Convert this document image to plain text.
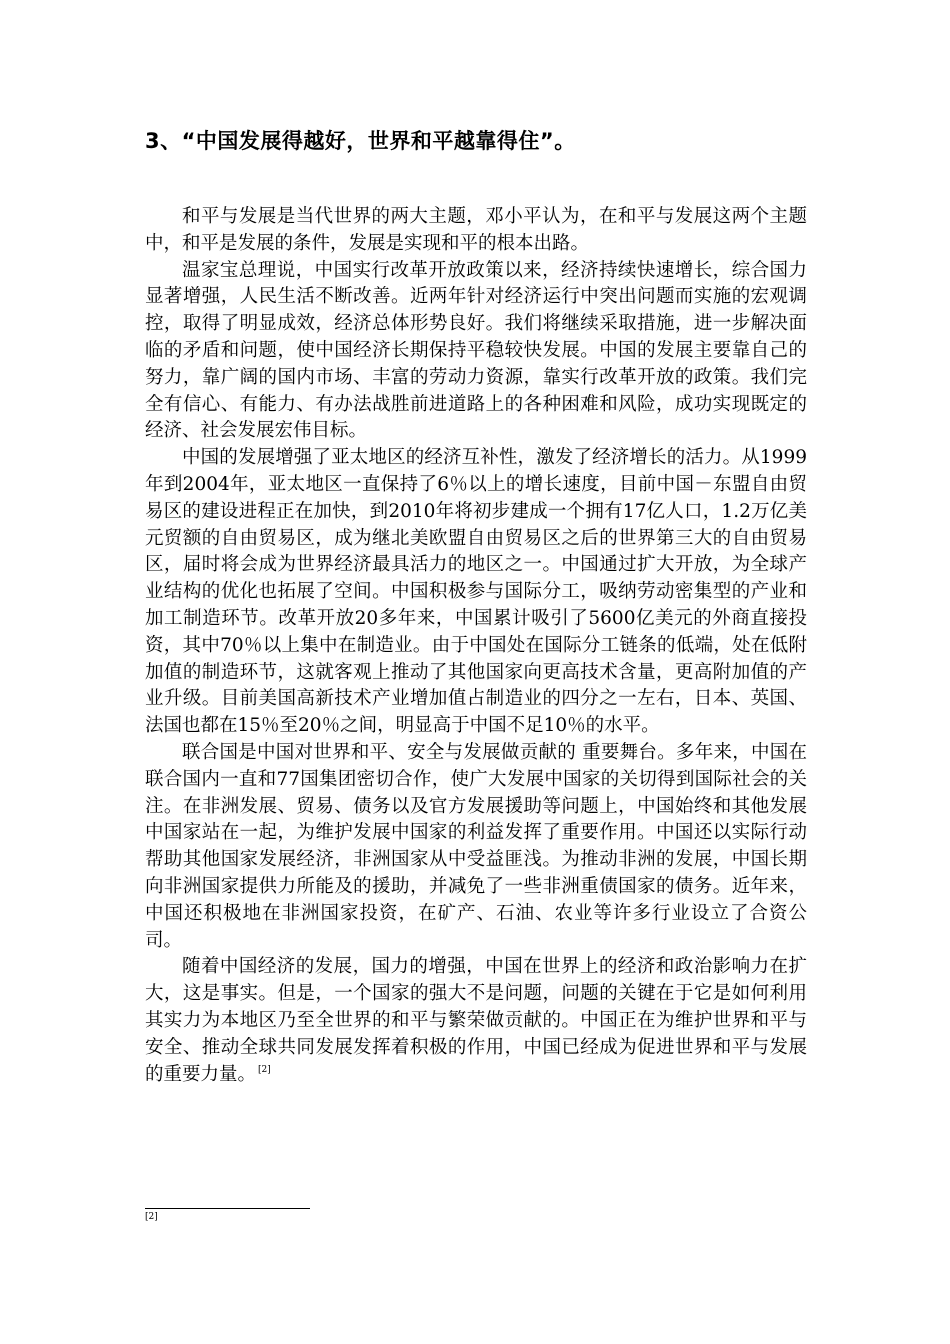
3、“中国发展得越好，世界和平越靠得住”。

和平与发展是当代世界的两大主题，邓小平认为，在和平与发展这两个主题中，和平是发展的条件，发展是实现和平的根本出路。

温家宝总理说，中国实行改革开放政策以来，经济持续快速增长，综合国力显著增强，人民生活不断改善。近两年针对经济运行中突出问题而实施的宏观调控，取得了明显成效，经济总体形势良好。我们将继续采取措施，进一步解决面临的矛盾和问题，使中国经济长期保持平稳较快发展。中国的发展主要靠自己的努力，靠广阔的国内市场、丰富的劳动力资源，靠实行改革开放的政策。我们完全有信心、有能力、有办法战胜前进道路上的各种困难和风险，成功实现既定的经济、社会发展宏伟目标。

中国的发展增强了亚太地区的经济互补性，激发了经济增长的活力。从1999年到2004年，亚太地区一直保持了6％以上的增长速度，目前中国－东盟自由贸易区的建设进程正在加快，到2010年将初步建成一个拥有17亿人口，1.2万亿美元贸额的自由贸易区，成为继北美欧盟自由贸易区之后的世界第三大的自由贸易区，届时将会成为世界经济最具活力的地区之一。中国通过扩大开放，为全球产业结构的优化也拓展了空间。中国积极参与国际分工，吸纳劳动密集型的产业和加工制造环节。改革开放20多年来，中国累计吸引了5600亿美元的外商直接投资，其中70％以上集中在制造业。由于中国处在国际分工链条的低端，处在低附加值的制造环节，这就客观上推动了其他国家向更高技术含量，更高附加值的产业升级。目前美国高新技术产业增加值占制造业的四分之一左右，日本、英国、法国也都在15％至20％之间，明显高于中国不足10％的水平。

联合国是中国对世界和平、安全与发展做贡献的 重要舞台。多年来，中国在联合国内一直和77国集团密切合作，使广大发展中国家的关切得到国际社会的关注。在非洲发展、贸易、债务以及官方发展援助等问题上，中国始终和其他发展中国家站在一起，为维护发展中国家的利益发挥了重要作用。中国还以实际行动帮助其他国家发展经济，非洲国家从中受益匪浅。为推动非洲的发展，中国长期向非洲国家提供力所能及的援助，并减免了一些非洲重债国家的债务。近年来，中国还积极地在非洲国家投资，在矿产、石油、农业等许多行业设立了合资公司。

随着中国经济的发展，国力的增强，中国在世界上的经济和政治影响力在扩大，这是事实。但是，一个国家的强大不是问题，问题的关键在于它是如何利用其实力为本地区乃至全世界的和平与繁荣做贡献的。中国正在为维护世界和平与安全、推动全球共同发展发挥着积极的作用，中国已经成为促进世界和平与发展的重要力量。 [2]

[2]
